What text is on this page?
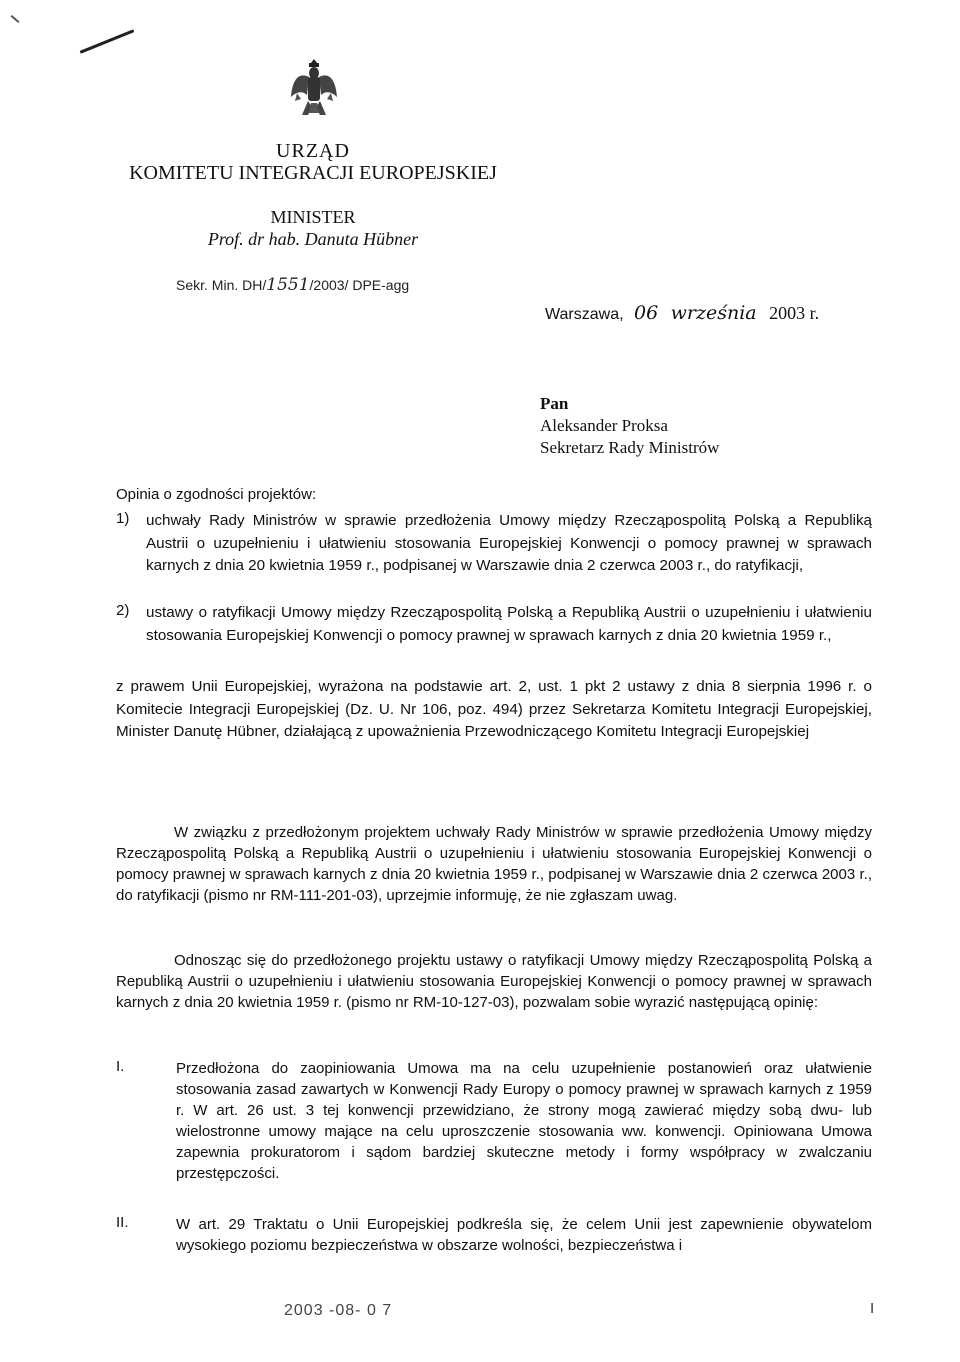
URZĄD
KOMITETU INTEGRACJI EUROPEJSKIEJ
MINISTER
Prof. dr hab. Danuta Hübner
Sekr. Min. DH/1551/2003/ DPE-agg
Warszawa, 06 września 2003 r.
Pan
Aleksander Proksa
Sekretarz Rady Ministrów
Opinia o zgodności projektów:
1) uchwały Rady Ministrów w sprawie przedłożenia Umowy między Rzecząpospolitą Polską a Republiką Austrii o uzupełnieniu i ułatwieniu stosowania Europejskiej Konwencji o pomocy prawnej w sprawach karnych z dnia 20 kwietnia 1959 r., podpisanej w Warszawie dnia 2 czerwca 2003 r., do ratyfikacji,
2) ustawy o ratyfikacji Umowy między Rzecząpospolitą Polską a Republiką Austrii o uzupełnieniu i ułatwieniu stosowania Europejskiej Konwencji o pomocy prawnej w sprawach karnych z dnia 20 kwietnia 1959 r.,
z prawem Unii Europejskiej, wyrażona na podstawie art. 2, ust. 1 pkt 2 ustawy z dnia 8 sierpnia 1996 r. o Komitecie Integracji Europejskiej (Dz. U. Nr 106, poz. 494) przez Sekretarza Komitetu Integracji Europejskiej, Minister Danutę Hübner, działającą z upoważnienia Przewodniczącego Komitetu Integracji Europejskiej
W związku z przedłożonym projektem uchwały Rady Ministrów w sprawie przedłożenia Umowy między Rzecząpospolitą Polską a Republiką Austrii o uzupełnieniu i ułatwieniu stosowania Europejskiej Konwencji o pomocy prawnej w sprawach karnych z dnia 20 kwietnia 1959 r., podpisanej w Warszawie dnia 2 czerwca 2003 r., do ratyfikacji (pismo nr RM-111-201-03), uprzejmie informuję, że nie zgłaszam uwag.
Odnosząc się do przedłożonego projektu ustawy o ratyfikacji Umowy między Rzecząpospolitą Polską a Republiką Austrii o uzupełnieniu i ułatwieniu stosowania Europejskiej Konwencji o pomocy prawnej w sprawach karnych z dnia 20 kwietnia 1959 r. (pismo nr RM-10-127-03), pozwalam sobie wyrazić następującą opinię:
I.	Przedłożona do zaopiniowania Umowa ma na celu uzupełnienie postanowień oraz ułatwienie stosowania zasad zawartych w Konwencji Rady Europy o pomocy prawnej w sprawach karnych z 1959 r. W art. 26 ust. 3 tej konwencji przewidziano, że strony mogą zawierać między sobą dwu- lub wielostronne umowy mające na celu uproszczenie stosowania ww. konwencji. Opiniowana Umowa zapewnia prokuratorom i sądom bardziej skuteczne metody i formy współpracy w zwalczaniu przestępczości.
II.	W art. 29 Traktatu o Unii Europejskiej podkreśla się, że celem Unii jest zapewnienie obywatelom wysokiego poziomu bezpieczeństwa w obszarze wolności, bezpieczeństwa i
2003 -08- 0 7	I
